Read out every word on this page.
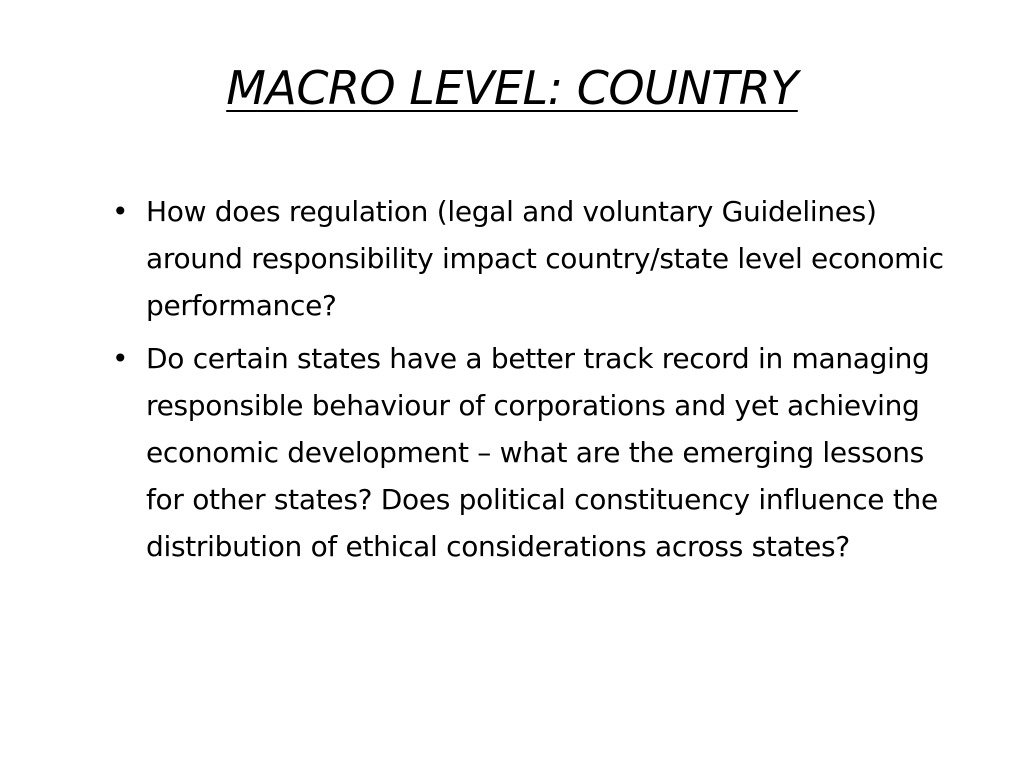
MACRO LEVEL: COUNTRY
• How does regulation (legal and voluntary Guidelines) around responsibility impact country/state level economic performance?
• Do certain states have a better track record in managing responsible behaviour of corporations and yet achieving economic development – what are the emerging lessons for other states? Does political constituency influence the distribution of ethical considerations across states?
